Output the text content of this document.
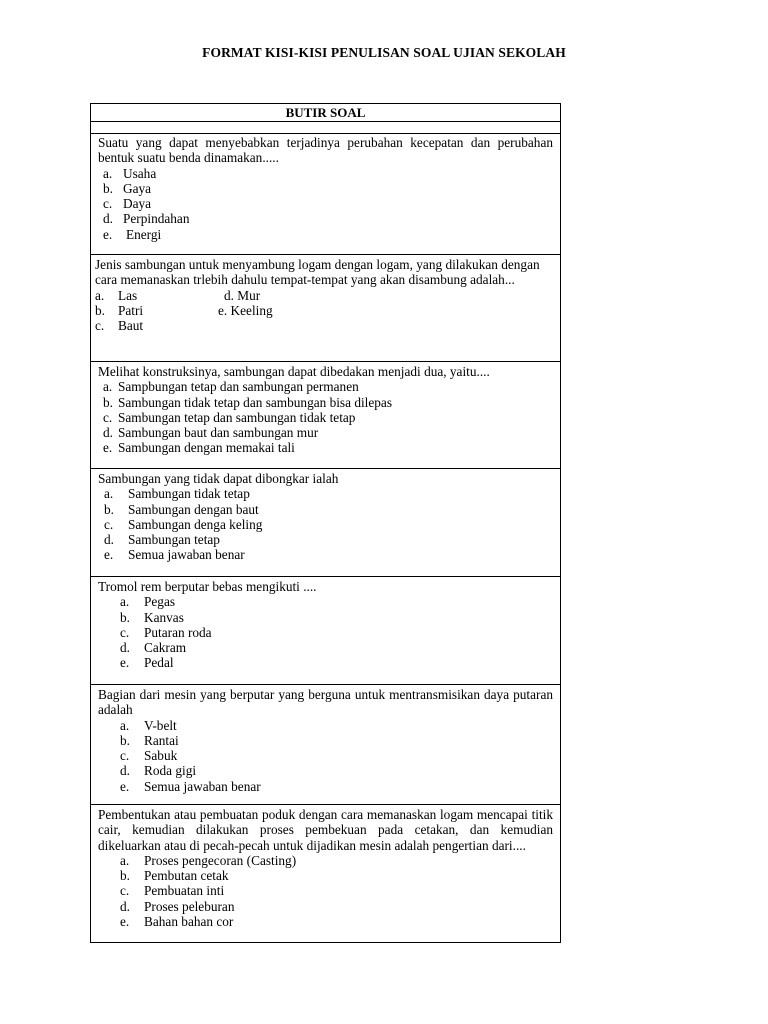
FORMAT KISI-KISI PENULISAN SOAL UJIAN SEKOLAH
BUTIR SOAL

Suatu yang dapat menyebabkan terjadinya perubahan kecepatan dan perubahan bentuk suatu benda dinamakan.....

a. Usaha
b. Gaya
c. Daya
d. Perpindahan
e.	Energi

Jenis sambungan untuk menyambung logam dengan logam, yang dilakukan dengan cara memanaskan trlebih dahulu tempat-tempat yang akan disambung adalah...

a.	Las	d. Mur
b. Patri	e. Keeling
c.	Baut

Melihat konstruksinya, sambungan dapat dibedakan menjadi dua, yaitu....

a. Sampbungan tetap dan sambungan permanen
b. Sambungan tidak tetap dan sambungan bisa dilepas
c. Sambungan tetap dan sambungan tidak tetap
d. Sambungan baut dan sambungan mur
e. Sambungan dengan memakai tali

Sambungan yang tidak dapat dibongkar ialah

a.	Sambungan tidak tetap
b.	Sambungan dengan baut
c.	Sambungan denga keling
d.	Sambungan tetap
e.	Semua jawaban benar

Tromol rem berputar bebas mengikuti ....

a.	Pegas
b.	Kanvas
c.	Putaran roda
d.	Cakram
e.	Pedal

Bagian dari mesin yang berputar yang berguna untuk mentransmisikan daya putaran adalah

a.	V-belt
b.	Rantai
c.	Sabuk
d.	Roda gigi
e.	Semua jawaban benar

Pembentukan atau pembuatan poduk dengan cara memanaskan logam mencapai titik cair, kemudian dilakukan proses pembekuan pada cetakan, dan kemudian dikeluarkan atau di pecah-pecah untuk dijadikan mesin adalah pengertian dari....

a.	Proses pengecoran (Casting)
b.	Pembutan cetak
c.	Pembuatan inti
d.	Proses peleburan
e.	Bahan bahan cor
